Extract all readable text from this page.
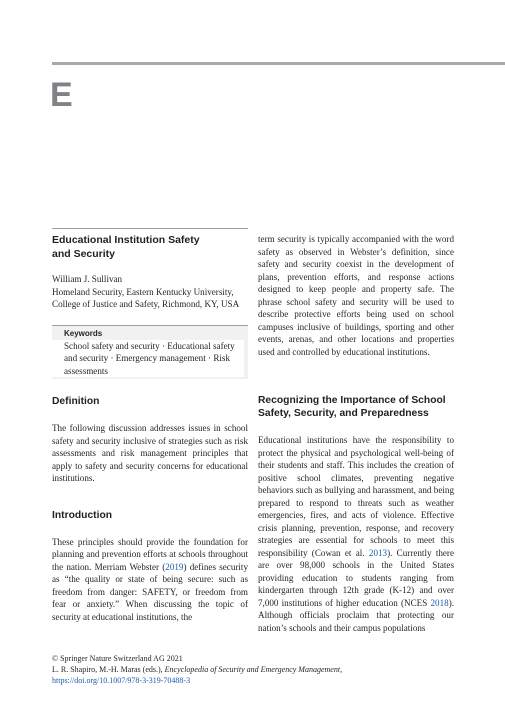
E
Educational Institution Safety
and Security
William J. Sullivan
Homeland Security, Eastern Kentucky University, College of Justice and Safety, Richmond, KY, USA
Keywords
School safety and security · Educational safety and security · Emergency management · Risk assessments
Definition

The following discussion addresses issues in school safety and security inclusive of strategies such as risk assessments and risk management principles that apply to safety and security concerns for educational institutions.

Introduction

These principles should provide the foundation for planning and prevention efforts at schools throughout the nation. Merriam Webster (2019) defines security as “the quality or state of being secure: such as freedom from danger: SAFETY, or freedom from fear or anxiety.” When discussing the topic of security at educational institutions, the

term security is typically accompanied with the word safety as observed in Webster’s definition, since safety and security coexist in the development of plans, prevention efforts, and response actions designed to keep people and property safe. The phrase school safety and security will be used to describe protective efforts being used on school campuses inclusive of buildings, sporting and other events, arenas, and other locations and properties used and controlled by educational institutions.

Recognizing the Importance of School Safety, Security, and Preparedness

Educational institutions have the responsibility to protect the physical and psychological well-being of their students and staff. This includes the creation of positive school climates, preventing negative behaviors such as bullying and harassment, and being prepared to respond to threats such as weather emergencies, fires, and acts of violence. Effective crisis planning, prevention, response, and recovery strategies are essential for schools to meet this responsibility (Cowan et al. 2013). Currently there are over 98,000 schools in the United States providing education to students ranging from kindergarten through 12th grade (K-12) and over 7,000 institutions of higher education (NCES 2018). Although officials proclaim that protecting our nation’s schools and their campus populations

© Springer Nature Switzerland AG 2021
L. R. Shapiro, M.-H. Maras (eds.), Encyclopedia of Security and Emergency Management,
https://doi.org/10.1007/978-3-319-70488-3
